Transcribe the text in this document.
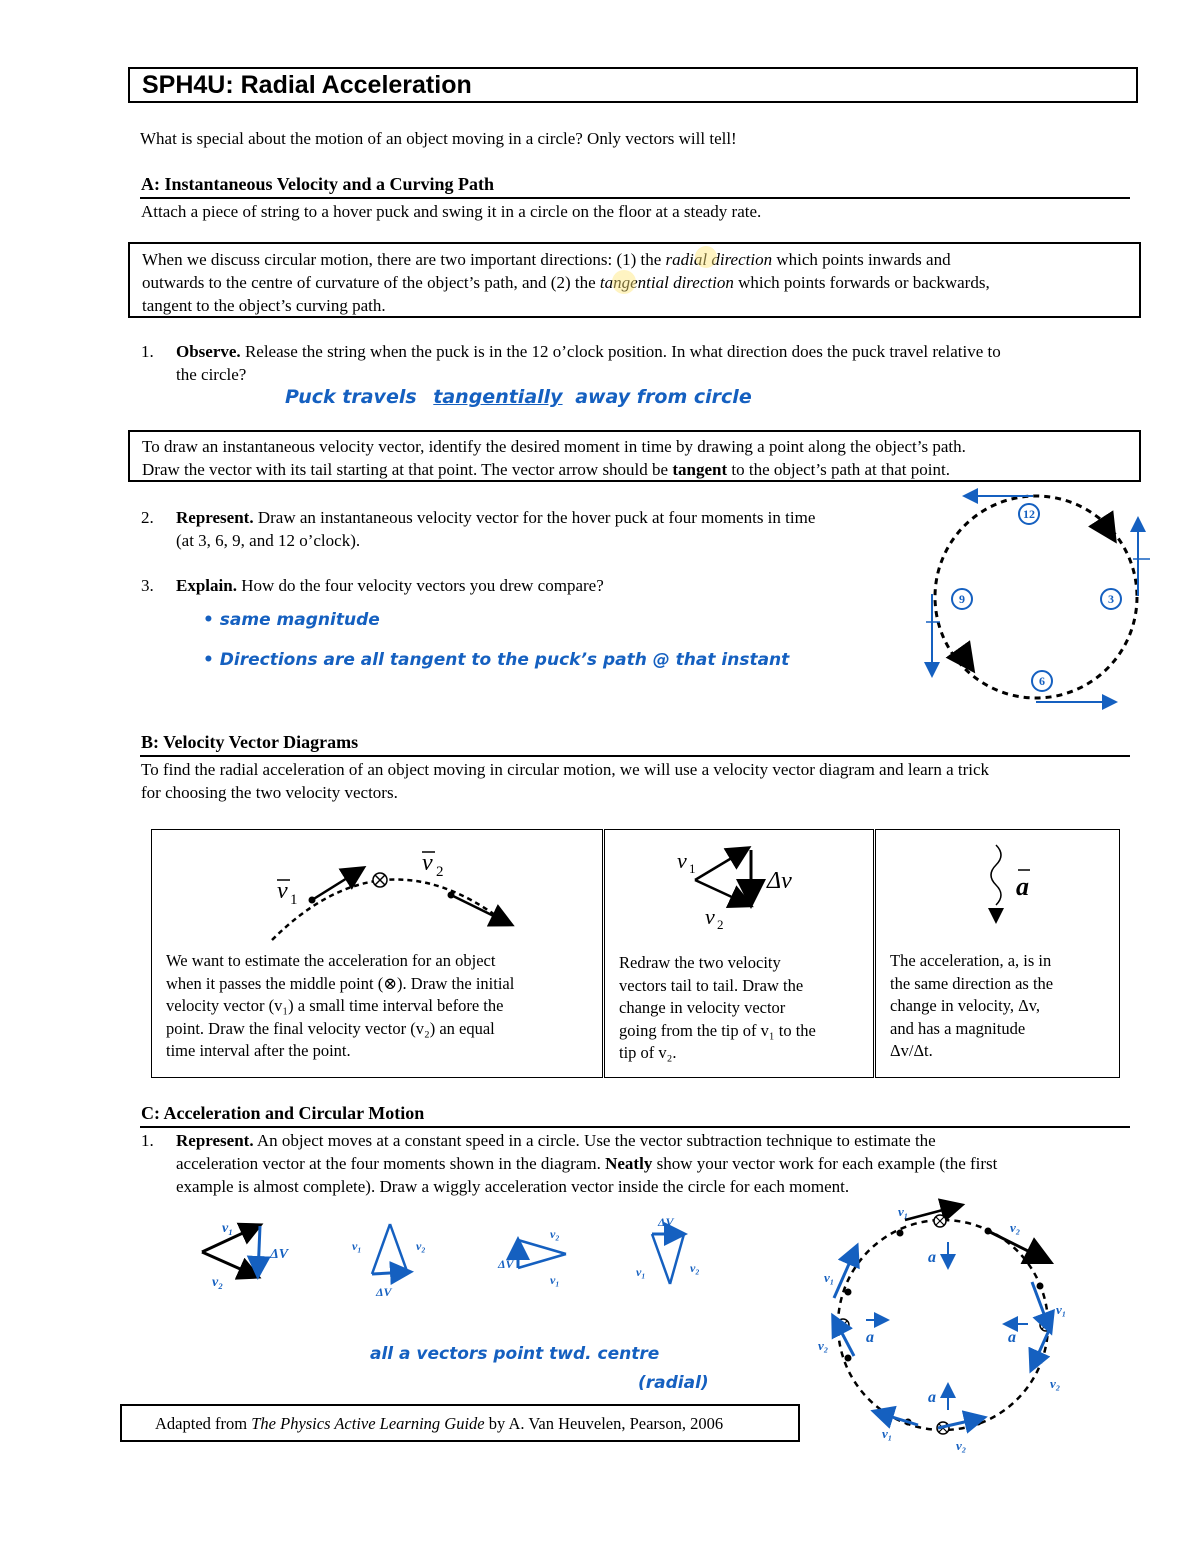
SPH4U: Radial Acceleration
What is special about the motion of an object moving in a circle? Only vectors will tell!
A: Instantaneous Velocity and a Curving Path
Attach a piece of string to a hover puck and swing it in a circle on the floor at a steady rate.
When we discuss circular motion, there are two important directions: (1) the radial direction which points inwards and
outwards to the centre of curvature of the object’s path, and (2) the tangential direction which points forwards or backwards,
tangent to the object’s curving path.
1. Observe. Release the string when the puck is in the 12 o’clock position. In what direction does the puck travel relative to
the circle?
Puck travels tangentially away from circle
To draw an instantaneous velocity vector, identify the desired moment in time by drawing a point along the object’s path.
Draw the vector with its tail starting at that point. The vector arrow should be tangent to the object’s path at that point.
2. Represent. Draw an instantaneous velocity vector for the hover puck at four moments in time
(at 3, 6, 9, and 12 o’clock).
3. Explain. How do the four velocity vectors you drew compare?
• same magnitude
• Directions are all tangent to the puck’s path @ that instant
12
3
6
9
B: Velocity Vector Diagrams
To find the radial acceleration of an object moving in circular motion, we will use a velocity vector diagram and learn a trick
for choosing the two velocity vectors.
v 1
v 2
We want to estimate the acceleration for an object
when it passes the middle point (⊗). Draw the initial
velocity vector (v₁) a small time interval before the
point. Draw the final velocity vector (v₂) an equal
time interval after the point.
v 1
v 2
Δv
Redraw the two velocity
vectors tail to tail. Draw the
change in velocity vector
going from the tip of v₁ to the
tip of v₂.
a
The acceleration, a, is in
the same direction as the
change in velocity, Δv,
and has a magnitude
Δv/Δt.
C: Acceleration and Circular Motion
1. Represent. An object moves at a constant speed in a circle. Use the vector subtraction technique to estimate the
acceleration vector at the four moments shown in the diagram. Neatly show your vector work for each example (the first
example is almost complete). Draw a wiggly acceleration vector inside the circle for each moment.
v₁
v₂
ΔV
v₁	v₂
ΔV
v₂
v₁
ΔV
ΔV
v₁	v₂
all a vectors point twd. centre
(radial)
v₁
v₂
v₁
v₂
v₁
v₂
v₁
v₂
a
a
a
a
Adapted from The Physics Active Learning Guide by A. Van Heuvelen, Pearson, 2006
